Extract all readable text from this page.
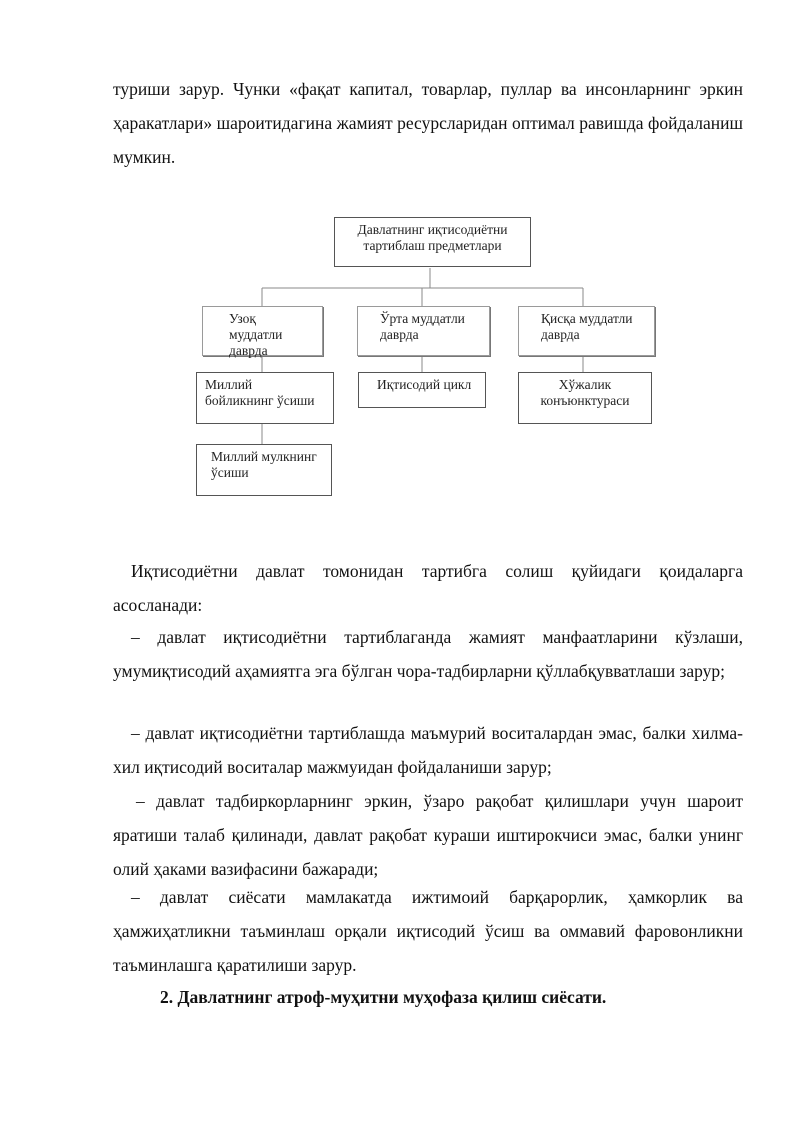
туриши зарур. Чунки «фақат капитал, товарлар, пуллар ва инсонларнинг эркин ҳаракатлари» шароитидагина жамият ресурсларидан оптимал равишда фойдаланиш мумкин.

Давлатнинг иқтисодиётни тартиблаш предметлари
Узоқ муддатли даврда
Ўрта муддатли даврда
Қисқа муддатли даврда
Миллий бойликнинг ўсиши
Иқтисодий цикл	Хўжалик конъюнктураси
Миллий мулкнинг ўсиши

Иқтисодиётни давлат томонидан тартибга солиш қуйидаги қоидаларга асосланади:

– давлат иқтисодиётни тартиблаганда жамият манфаатларини кўзлаши, умумиқтисодий аҳамиятга эга бўлган чора-тадбирларни қўллабқувватлаши зарур;

– давлат иқтисодиётни тартиблашда маъмурий воситалардан эмас, балки хилма-хил иқтисодий воситалар мажмуидан фойдаланиши зарур;

– давлат тадбиркорларнинг эркин, ўзаро рақобат қилишлари учун шароит яратиши талаб қилинади, давлат рақобат кураши иштирокчиси эмас, балки унинг олий ҳаками вазифасини бажаради;

– давлат сиёсати мамлакатда ижтимоий барқарорлик, ҳамкорлик ва ҳамжиҳатликни таъминлаш орқали иқтисодий ўсиш ва оммавий фаровонликни таъминлашга қаратилиши зарур.

2. Давлатнинг атроф-муҳитни муҳофаза қилиш сиёсати.
